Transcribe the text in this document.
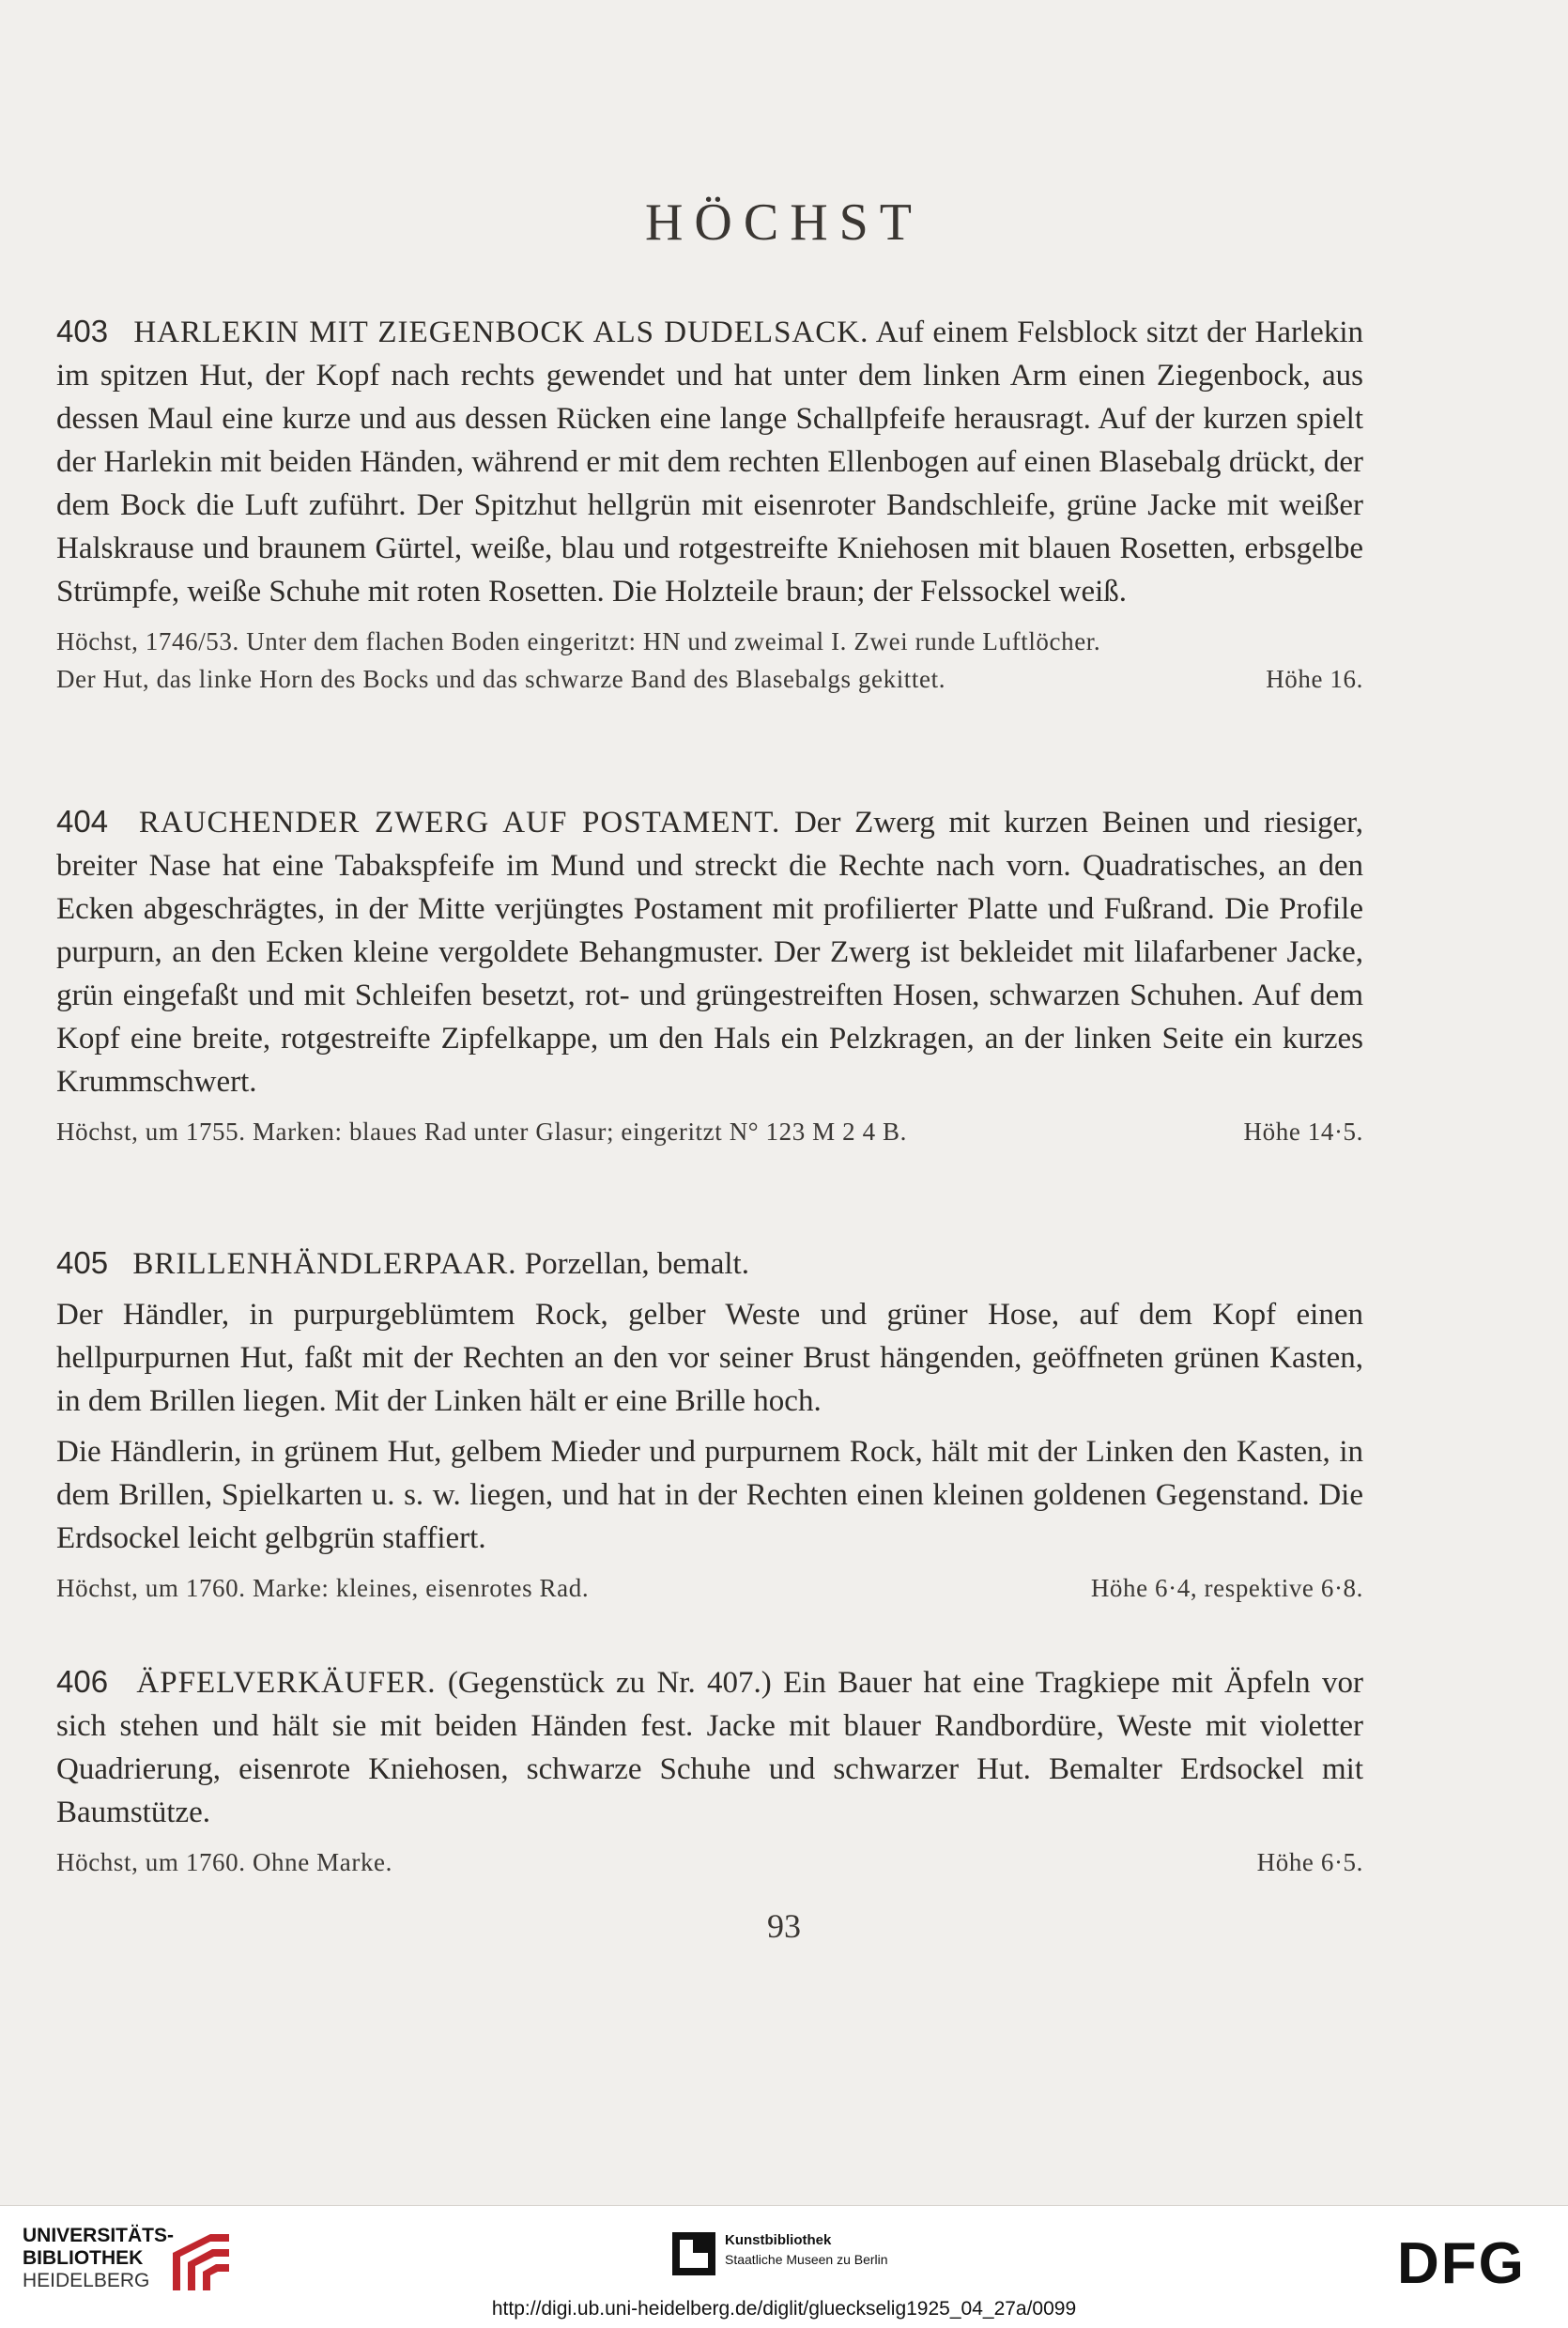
HÖCHST

403 HARLEKIN MIT ZIEGENBOCK ALS DUDELSACK. Auf einem Felsblock sitzt der Harlekin im spitzen Hut, der Kopf nach rechts gewendet und hat unter dem linken Arm einen Ziegenbock, aus dessen Maul eine kurze und aus dessen Rücken eine lange Schallpfeife herausragt. Auf der kurzen spielt der Harlekin mit beiden Händen, während er mit dem rechten Ellenbogen auf einen Blasebalg drückt, der dem Bock die Luft zuführt. Der Spitzhut hellgrün mit eisenroter Bandschleife, grüne Jacke mit weißer Halskrause und braunem Gürtel, weiße, blau und rotgestreifte Kniehosen mit blauen Rosetten, erbsgelbe Strümpfe, weiße Schuhe mit roten Rosetten. Die Holzteile braun; der Felssockel weiß.

Höchst, 1746/53. Unter dem flachen Boden eingeritzt: HN und zweimal I. Zwei runde Luftlöcher.
Der Hut, das linke Horn des Bocks und das schwarze Band des Blasebalgs gekittet.	Höhe 16.

404 RAUCHENDER ZWERG AUF POSTAMENT. Der Zwerg mit kurzen Beinen und riesiger, breiter Nase hat eine Tabakspfeife im Mund und streckt die Rechte nach vorn. Quadratisches, an den Ecken abgeschrägtes, in der Mitte verjüngtes Postament mit profilierter Platte und Fußrand. Die Profile purpurn, an den Ecken kleine vergoldete Behangmuster. Der Zwerg ist bekleidet mit lilafarbener Jacke, grün eingefaßt und mit Schleifen besetzt, rot- und grüngestreiften Hosen, schwarzen Schuhen. Auf dem Kopf eine breite, rotgestreifte Zipfelkappe, um den Hals ein Pelzkragen, an der linken Seite ein kurzes Krummschwert.

Höchst, um 1755. Marken: blaues Rad unter Glasur; eingeritzt N° 123 M 2 4 B.	Höhe 14·5.

405 BRILLENHÄNDLERPAAR. Porzellan, bemalt.

Der Händler, in purpurgeblümtem Rock, gelber Weste und grüner Hose, auf dem Kopf einen hellpurpurnen Hut, faßt mit der Rechten an den vor seiner Brust hängenden, geöffneten grünen Kasten, in dem Brillen liegen. Mit der Linken hält er eine Brille hoch.

Die Händlerin, in grünem Hut, gelbem Mieder und purpurnem Rock, hält mit der Linken den Kasten, in dem Brillen, Spielkarten u. s. w. liegen, und hat in der Rechten einen kleinen goldenen Gegenstand. Die Erdsockel leicht gelbgrün staffiert.

Höchst, um 1760. Marke: kleines, eisenrotes Rad.	Höhe 6·4, respektive 6·8.

406 ÄPFELVERKÄUFER. (Gegenstück zu Nr. 407.) Ein Bauer hat eine Tragkiepe mit Äpfeln vor sich stehen und hält sie mit beiden Händen fest. Jacke mit blauer Randbordüre, Weste mit violetter Quadrierung, eisenrote Kniehosen, schwarze Schuhe und schwarzer Hut. Bemalter Erdsockel mit Baumstütze.

Höchst, um 1760. Ohne Marke.	Höhe 6·5.
93
UNIVERSITÄTS-
BIBLIOTHEK
HEIDELBERG
Kunstbibliothek
Staatliche Museen zu Berlin	DFG
http://digi.ub.uni-heidelberg.de/diglit/glueckselig1925_04_27a/0099
